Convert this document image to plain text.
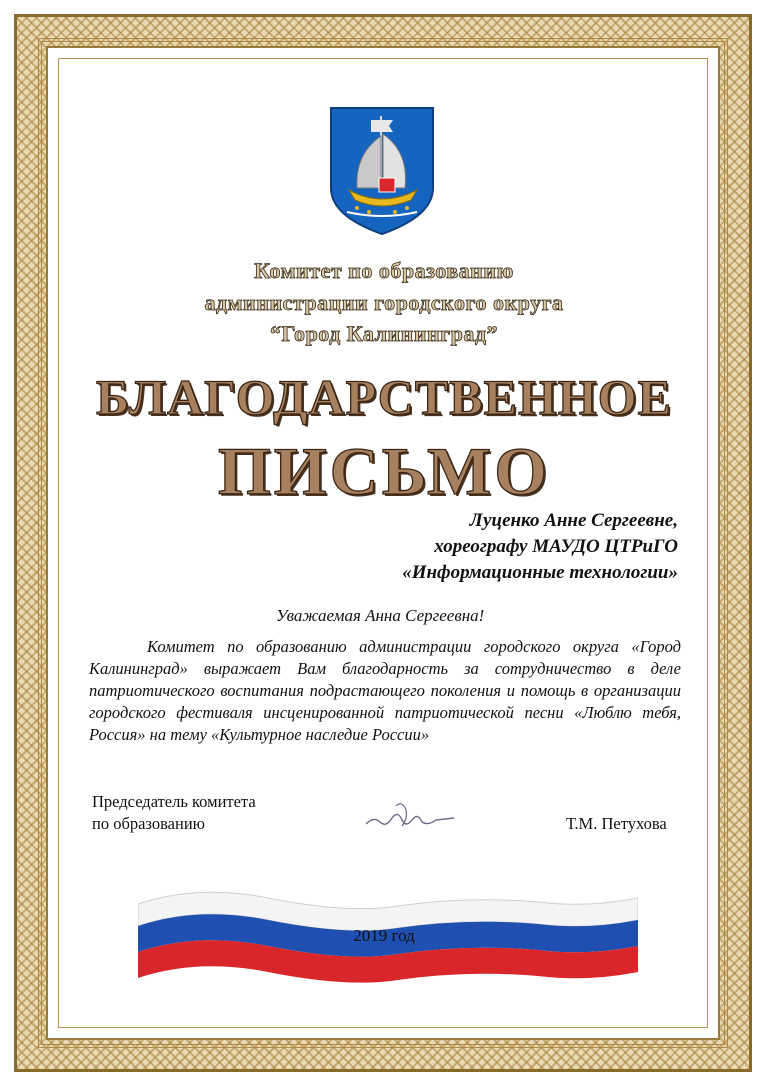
Комитет по образованию
администрации городского округа
“Город Калининград”
БЛАГОДАРСТВЕННОЕ
ПИСЬМО
Луценко Анне Сергеевне,
хореографу МАУДО ЦТРиГО
«Информационные технологии»
Уважаемая Анна Сергеевна!
Комитет по образованию администрации городского округа «Город Калининград» выражает Вам благодарность за сотрудничество в деле патриотического воспитания подрастающего поколения и помощь в организации городского фестиваля инсценированной патриотической песни «Люблю тебя, Россия» на тему «Культурное наследие России»
Председатель комитета
по образованию	Т.М. Петухова
2019 год
